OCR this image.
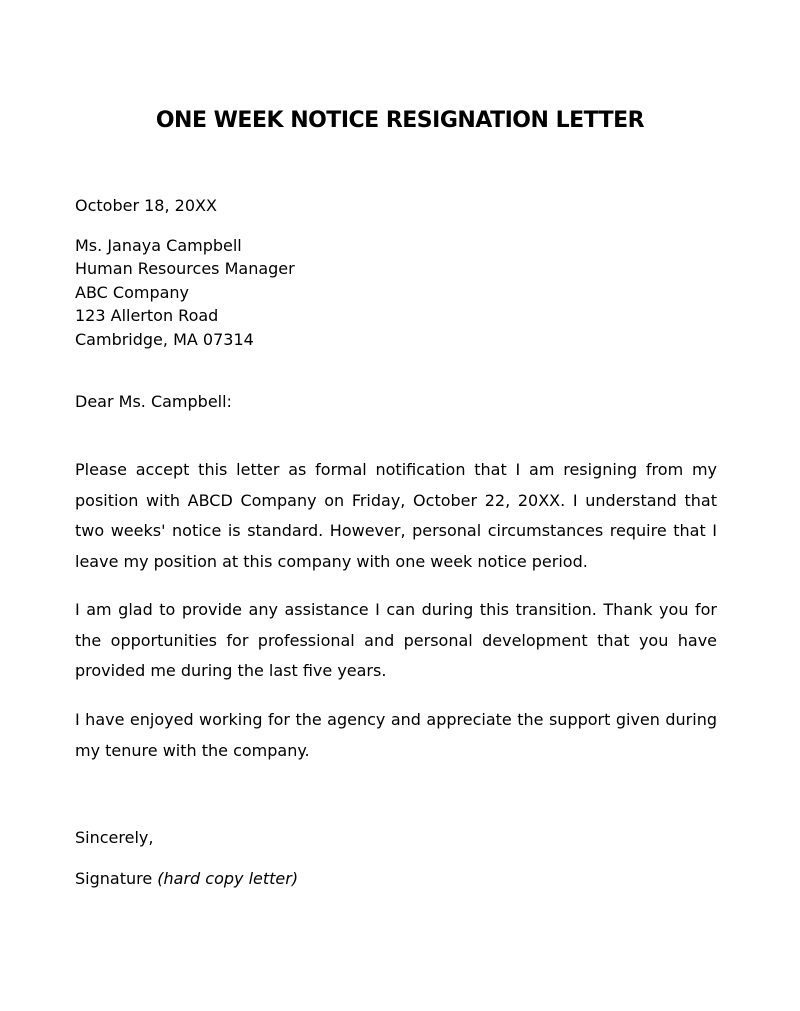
ONE WEEK NOTICE RESIGNATION LETTER
October 18, 20XX
Ms. Janaya Campbell
Human Resources Manager
ABC Company
123 Allerton Road
Cambridge, MA 07314
Dear Ms. Campbell:

Please accept this letter as formal notification that I am resigning from my position with ABCD Company on Friday, October 22, 20XX. I understand that two weeks' notice is standard. However, personal circumstances require that I leave my position at this company with one week notice period.

I am glad to provide any assistance I can during this transition. Thank you for the opportunities for professional and personal development that you have provided me during the last five years.

I have enjoyed working for the agency and appreciate the support given during my tenure with the company.

Sincerely,
Signature (hard copy letter)
